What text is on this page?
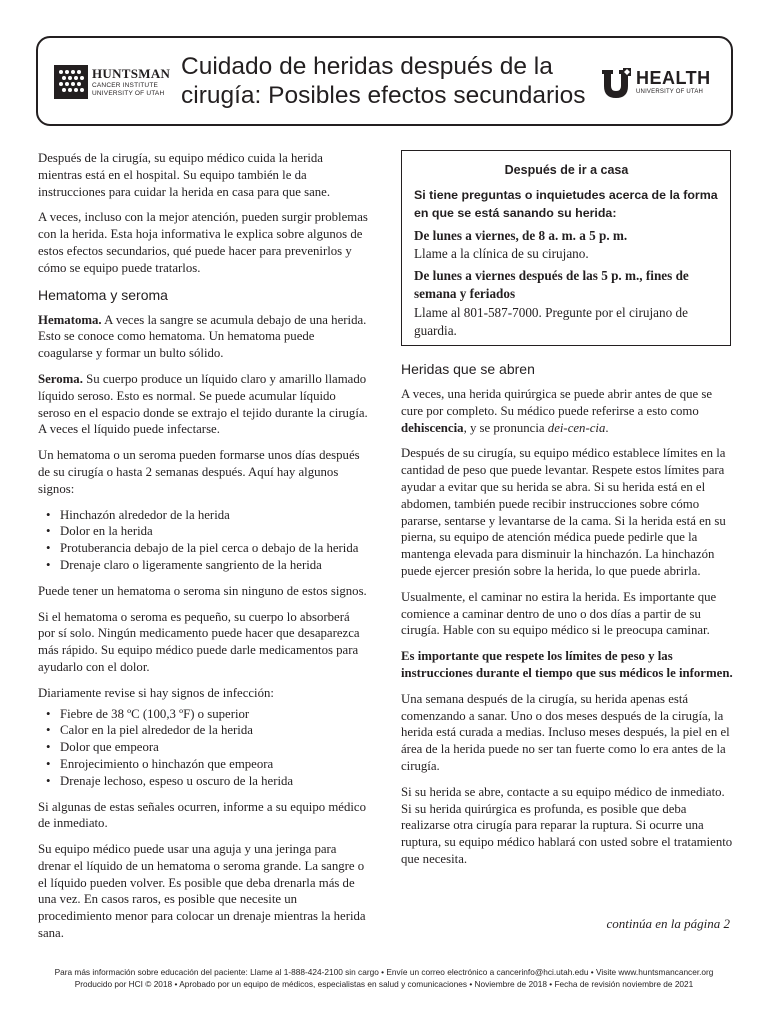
HUNTSMAN
CANCER INSTITUTE
UNIVERSITY OF UTAH
Cuidado de heridas después de la cirugía: Posibles efectos secundarios
HEALTH
UNIVERSITY OF UTAH

Después de la cirugía, su equipo médico cuida la herida mientras está en el hospital. Su equipo también le da instrucciones para cuidar la herida en casa para que sane.

A veces, incluso con la mejor atención, pueden surgir problemas con la herida. Esta hoja informativa le explica sobre algunos de estos efectos secundarios, qué puede hacer para prevenirlos y cómo se equipo puede tratarlos.

Hematoma y seroma

Hematoma. A veces la sangre se acumula debajo de una herida. Esto se conoce como hematoma. Un hematoma puede coagularse y formar un bulto sólido.

Seroma. Su cuerpo produce un líquido claro y amarillo llamado líquido seroso. Esto es normal. Se puede acumular líquido seroso en el espacio donde se extrajo el tejido durante la cirugía. A veces el líquido puede infectarse.

Un hematoma o un seroma pueden formarse unos días después de su cirugía o hasta 2 semanas después. Aquí hay algunos signos:

• Hinchazón alrededor de la herida
• Dolor en la herida
• Protuberancia debajo de la piel cerca o debajo de la herida
• Drenaje claro o ligeramente sangriento de la herida

Puede tener un hematoma o seroma sin ninguno de estos signos.

Si el hematoma o seroma es pequeño, su cuerpo lo absorberá por sí solo. Ningún medicamento puede hacer que desaparezca más rápido. Su equipo médico puede darle medicamentos para ayudarlo con el dolor.

Diariamente revise si hay signos de infección:

• Fiebre de 38 ºC (100,3 ºF) o superior
• Calor en la piel alrededor de la herida
• Dolor que empeora
• Enrojecimiento o hinchazón que empeora
• Drenaje lechoso, espeso u oscuro de la herida

Si algunas de estas señales ocurren, informe a su equipo médico de inmediato.

Su equipo médico puede usar una aguja y una jeringa para drenar el líquido de un hematoma o seroma grande. La sangre o el líquido pueden volver. Es posible que deba drenarla más de una vez. En casos raros, es posible que necesite un procedimiento menor para colocar un drenaje mientras la herida sana.

Después de ir a casa
Si tiene preguntas o inquietudes acerca de la forma en que se está sanando su herida:

De lunes a viernes, de 8 a. m. a 5 p. m.
Llame a la clínica de su cirujano.

De lunes a viernes después de las 5 p. m., fines de semana y feriados
Llame al 801-587-7000. Pregunte por el cirujano de guardia.

Heridas que se abren

A veces, una herida quirúrgica se puede abrir antes de que se cure por completo. Su médico puede referirse a esto como dehiscencia, y se pronuncia dei-cen-cia.

Después de su cirugía, su equipo médico establece límites en la cantidad de peso que puede levantar. Respete estos límites para ayudar a evitar que su herida se abra. Si su herida está en el abdomen, también puede recibir instrucciones sobre cómo pararse, sentarse y levantarse de la cama. Si la herida está en su pierna, su equipo de atención médica puede pedirle que la mantenga elevada para disminuir la hinchazón. La hinchazón puede ejercer presión sobre la herida, lo que puede abrirla.

Usualmente, el caminar no estira la herida. Es importante que comience a caminar dentro de uno o dos días a partir de su cirugía. Hable con su equipo médico si le preocupa caminar.

Es importante que respete los límites de peso y las instrucciones durante el tiempo que sus médicos le informen.

Una semana después de la cirugía, su herida apenas está comenzando a sanar. Uno o dos meses después de la cirugía, la herida está curada a medias. Incluso meses después, la piel en el área de la herida puede no ser tan fuerte como lo era antes de la cirugía.

Si su herida se abre, contacte a su equipo médico de inmediato. Si su herida quirúrgica es profunda, es posible que deba realizarse otra cirugía para reparar la ruptura. Si ocurre una ruptura, su equipo médico hablará con usted sobre el tratamiento que necesita.

continúa en la página 2
Para más información sobre educación del paciente: Llame al 1-888-424-2100 sin cargo • Envíe un correo electrónico a cancerinfo@hci.utah.edu • Visite www.huntsmancancer.org
Producido por HCI © 2018 • Aprobado por un equipo de médicos, especialistas en salud y comunicaciones • Noviembre de 2018 • Fecha de revisión noviembre de 2021
